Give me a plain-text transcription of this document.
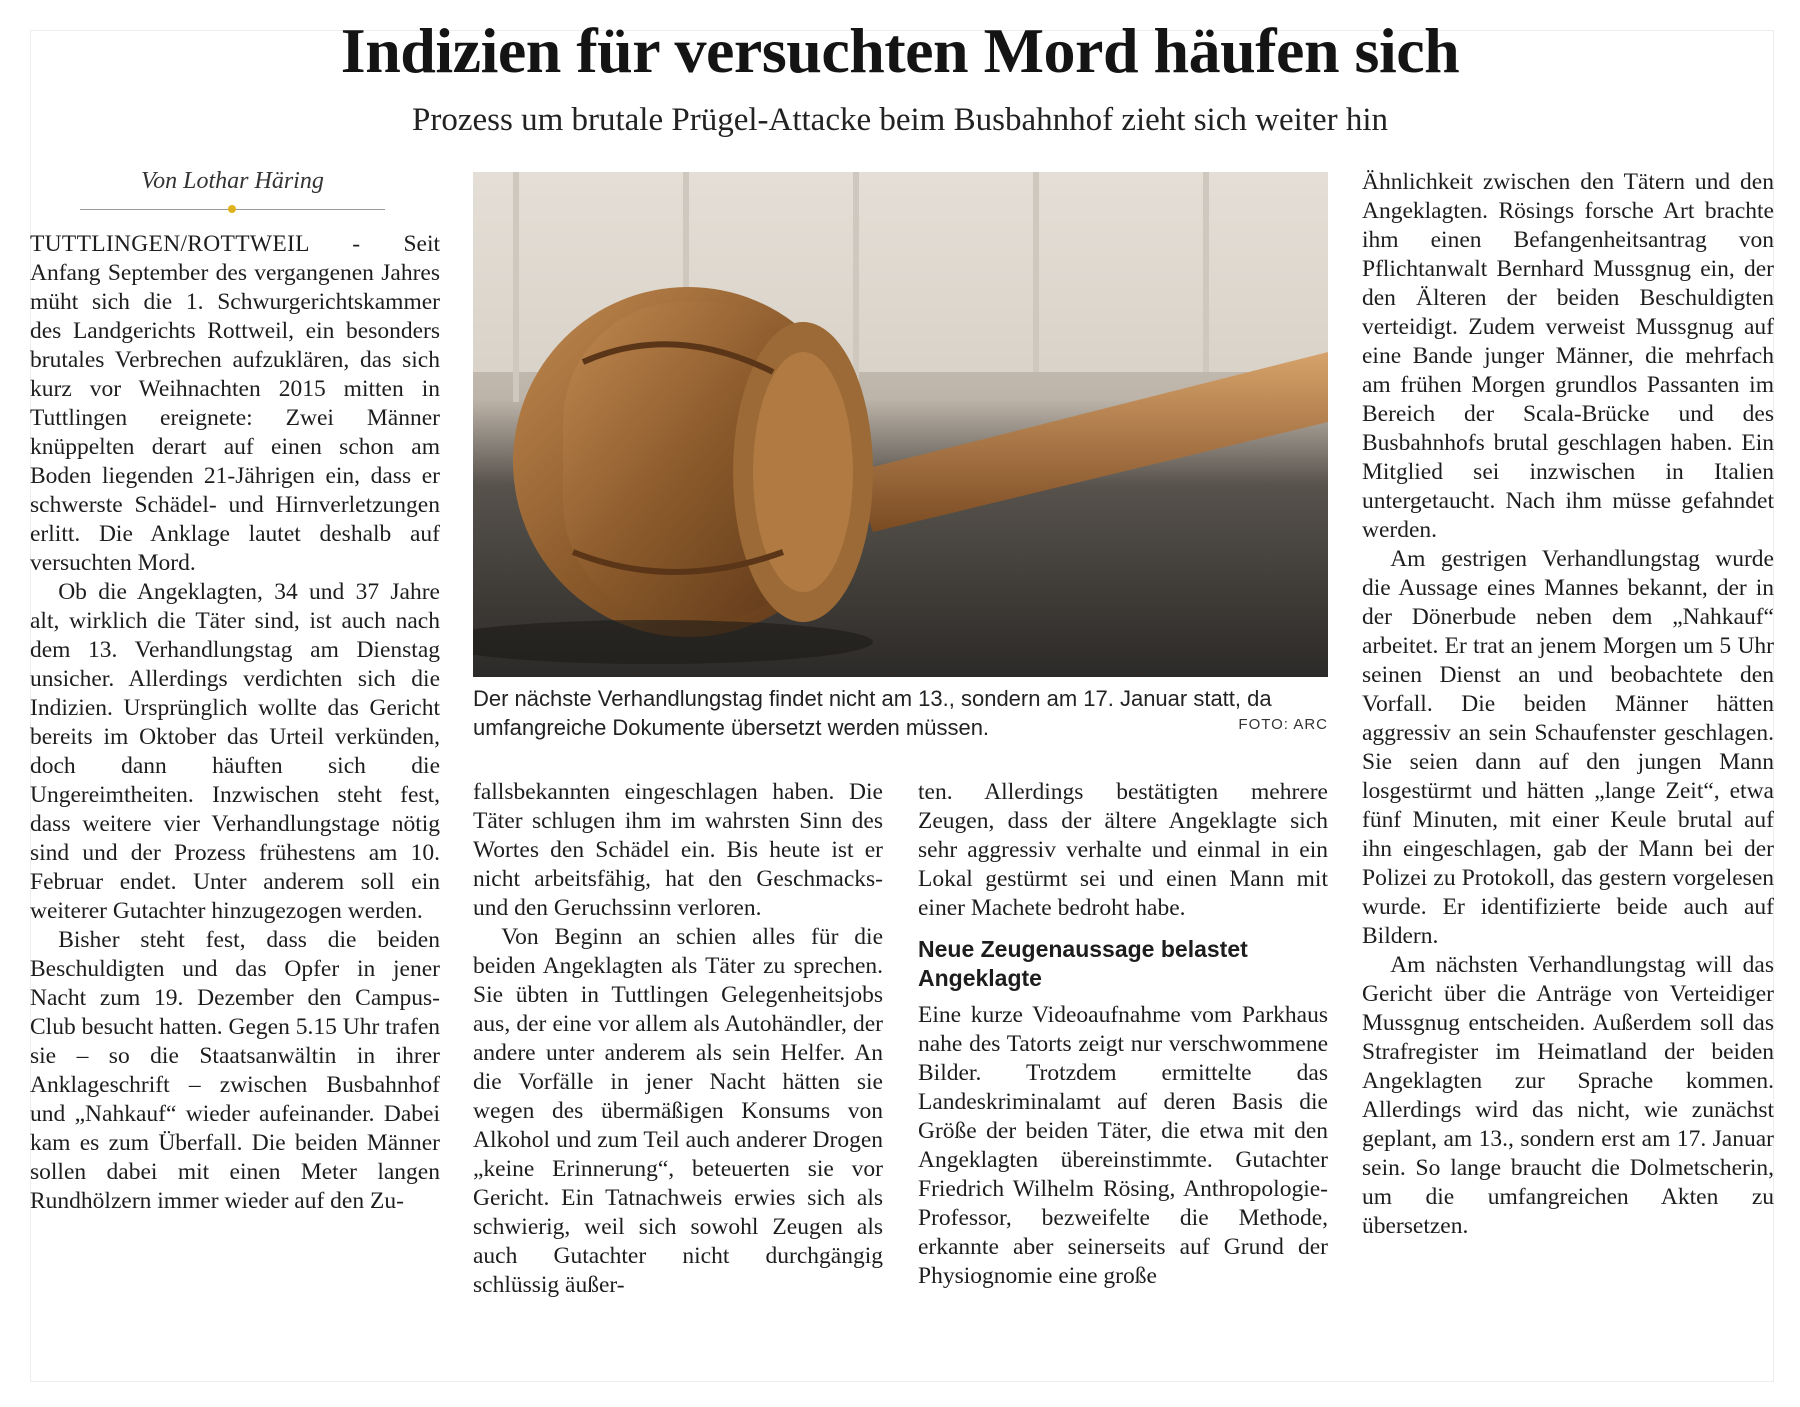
Indizien für versuchten Mord häufen sich
Prozess um brutale Prügel-Attacke beim Busbahnhof zieht sich weiter hin
Von Lothar Häring

TUTTLINGEN/ROTTWEIL - Seit Anfang September des vergangenen Jahres müht sich die 1. Schwurgerichtskammer des Landgerichts Rottweil, ein besonders brutales Verbrechen aufzuklären, das sich kurz vor Weihnachten 2015 mitten in Tuttlingen ereignete: Zwei Männer knüppelten derart auf einen schon am Boden liegenden 21-Jährigen ein, dass er schwerste Schädel- und Hirnverletzungen erlitt. Die Anklage lautet deshalb auf versuchten Mord.

Ob die Angeklagten, 34 und 37 Jahre alt, wirklich die Täter sind, ist auch nach dem 13. Verhandlungstag am Dienstag unsicher. Allerdings verdichten sich die Indizien. Ursprünglich wollte das Gericht bereits im Oktober das Urteil verkünden, doch dann häuften sich die Ungereimtheiten. Inzwischen steht fest, dass weitere vier Verhandlungstage nötig sind und der Prozess frühestens am 10. Februar endet. Unter anderem soll ein weiterer Gutachter hinzugezogen werden.

Bisher steht fest, dass die beiden Beschuldigten und das Opfer in jener Nacht zum 19. Dezember den Campus-Club besucht hatten. Gegen 5.15 Uhr trafen sie – so die Staatsanwältin in ihrer Anklageschrift – zwischen Busbahnhof und „Nahkauf“ wieder aufeinander. Dabei kam es zum Überfall. Die beiden Männer sollen dabei mit einen Meter langen Rundhölzern immer wieder auf den Zu-

Der nächste Verhandlungstag findet nicht am 13., sondern am 17. Januar statt, da umfangreiche Dokumente übersetzt werden müssen.	FOTO: ARC

fallsbekannten eingeschlagen haben. Die Täter schlugen ihm im wahrsten Sinn des Wortes den Schädel ein. Bis heute ist er nicht arbeitsfähig, hat den Geschmacks- und den Geruchssinn verloren.

Von Beginn an schien alles für die beiden Angeklagten als Täter zu sprechen. Sie übten in Tuttlingen Gelegenheitsjobs aus, der eine vor allem als Autohändler, der andere unter anderem als sein Helfer. An die Vorfälle in jener Nacht hätten sie wegen des übermäßigen Konsums von Alkohol und zum Teil auch anderer Drogen „keine Erinnerung“, beteuerten sie vor Gericht. Ein Tatnachweis erwies sich als schwierig, weil sich sowohl Zeugen als auch Gutachter nicht durchgängig schlüssig äußer-

ten. Allerdings bestätigten mehrere Zeugen, dass der ältere Angeklagte sich sehr aggressiv verhalte und einmal in ein Lokal gestürmt sei und einen Mann mit einer Machete bedroht habe.

Neue Zeugenaussage belastet Angeklagte

Eine kurze Videoaufnahme vom Parkhaus nahe des Tatorts zeigt nur verschwommene Bilder. Trotzdem ermittelte das Landeskriminalamt auf deren Basis die Größe der beiden Täter, die etwa mit den Angeklagten übereinstimmte. Gutachter Friedrich Wilhelm Rösing, Anthropologie-Professor, bezweifelte die Methode, erkannte aber seinerseits auf Grund der Physiognomie eine große

Ähnlichkeit zwischen den Tätern und den Angeklagten. Rösings forsche Art brachte ihm einen Befangenheitsantrag von Pflichtanwalt Bernhard Mussgnug ein, der den Älteren der beiden Beschuldigten verteidigt. Zudem verweist Mussgnug auf eine Bande junger Männer, die mehrfach am frühen Morgen grundlos Passanten im Bereich der Scala-Brücke und des Busbahnhofs brutal geschlagen haben. Ein Mitglied sei inzwischen in Italien untergetaucht. Nach ihm müsse gefahndet werden.

Am gestrigen Verhandlungstag wurde die Aussage eines Mannes bekannt, der in der Dönerbude neben dem „Nahkauf“ arbeitet. Er trat an jenem Morgen um 5 Uhr seinen Dienst an und beobachtete den Vorfall. Die beiden Männer hätten aggressiv an sein Schaufenster geschlagen. Sie seien dann auf den jungen Mann losgestürmt und hätten „lange Zeit“, etwa fünf Minuten, mit einer Keule brutal auf ihn eingeschlagen, gab der Mann bei der Polizei zu Protokoll, das gestern vorgelesen wurde. Er identifizierte beide auch auf Bildern.

Am nächsten Verhandlungstag will das Gericht über die Anträge von Verteidiger Mussgnug entscheiden. Außerdem soll das Strafregister im Heimatland der beiden Angeklagten zur Sprache kommen. Allerdings wird das nicht, wie zunächst geplant, am 13., sondern erst am 17. Januar sein. So lange braucht die Dolmetscherin, um die umfangreichen Akten zu übersetzen.
